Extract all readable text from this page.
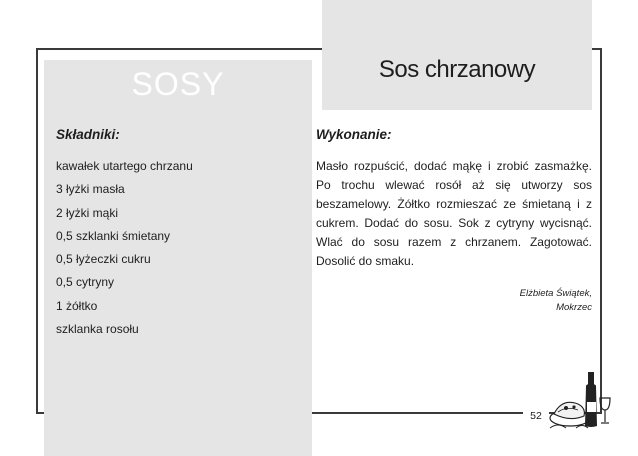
SOSY	Sos chrzanowy
Składniki:	Wykonanie:
kawałek utartego chrzanu
3 łyżki masła
2 łyżki mąki
0,5 szklanki śmietany
0,5 łyżeczki cukru
0,5 cytryny
1 żółtko
szklanka rosołu

Masło rozpuścić, dodać mąkę i zrobić zasmażkę. Po trochu wlewać rosół aż się utworzy sos beszamelowy. Żółtko rozmieszać ze śmietaną i z cukrem. Dodać do sosu. Sok z cytryny wycisnąć. Wlać do sosu razem z chrzanem. Zagotować. Dosolić do smaku.

Elżbieta Świątek,
Mokrzec
52
